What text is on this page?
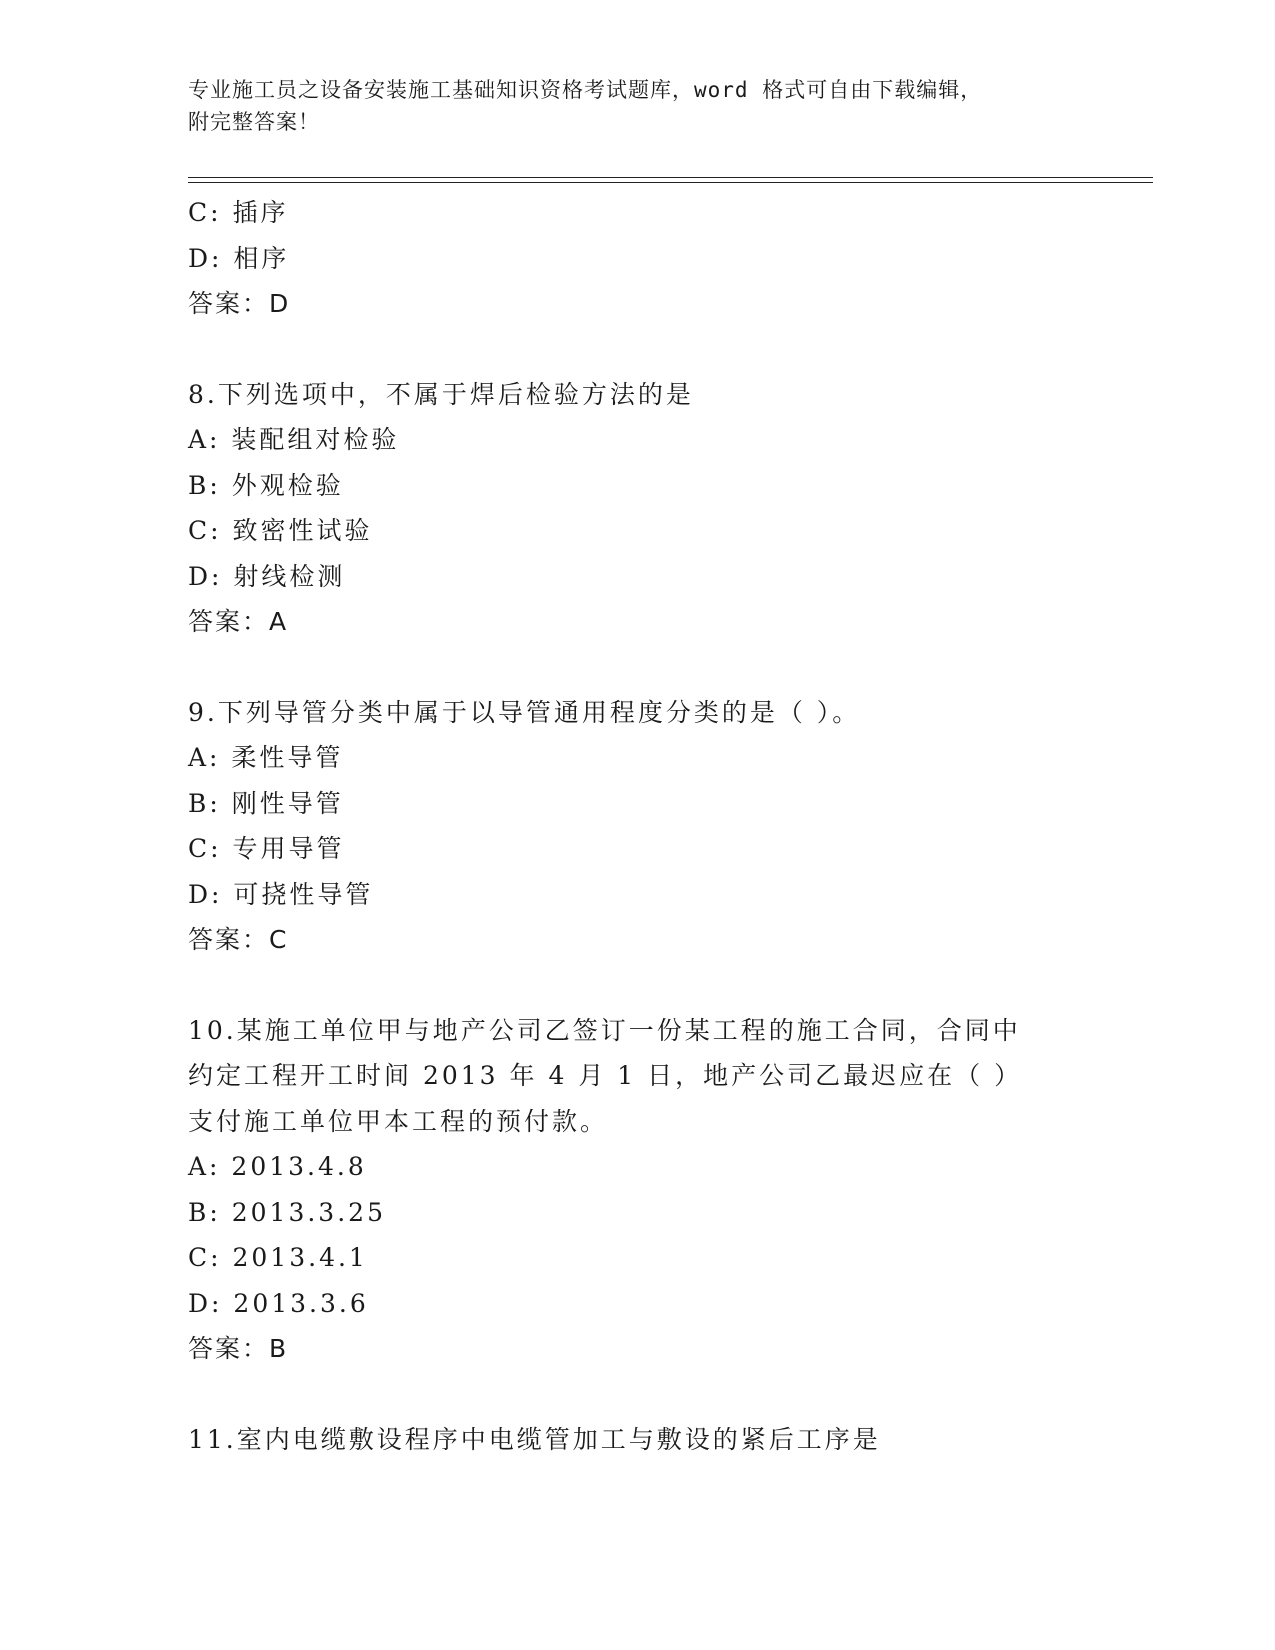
专业施工员之设备安装施工基础知识资格考试题库，word 格式可自由下载编辑，
附完整答案！
C: 插序
D: 相序
答案：D
8.下列选项中，不属于焊后检验方法的是
A: 装配组对检验
B: 外观检验
C: 致密性试验
D: 射线检测
答案：A
9.下列导管分类中属于以导管通用程度分类的是（ ）。
A: 柔性导管
B: 刚性导管
C: 专用导管
D: 可挠性导管
答案：C
10.某施工单位甲与地产公司乙签订一份某工程的施工合同，合同中约定工程开工时间 2013 年 4 月 1 日，地产公司乙最迟应在（ ）支付施工单位甲本工程的预付款。
A: 2013.4.8
B: 2013.3.25
C: 2013.4.1
D: 2013.3.6
答案：B
11.室内电缆敷设程序中电缆管加工与敷设的紧后工序是
